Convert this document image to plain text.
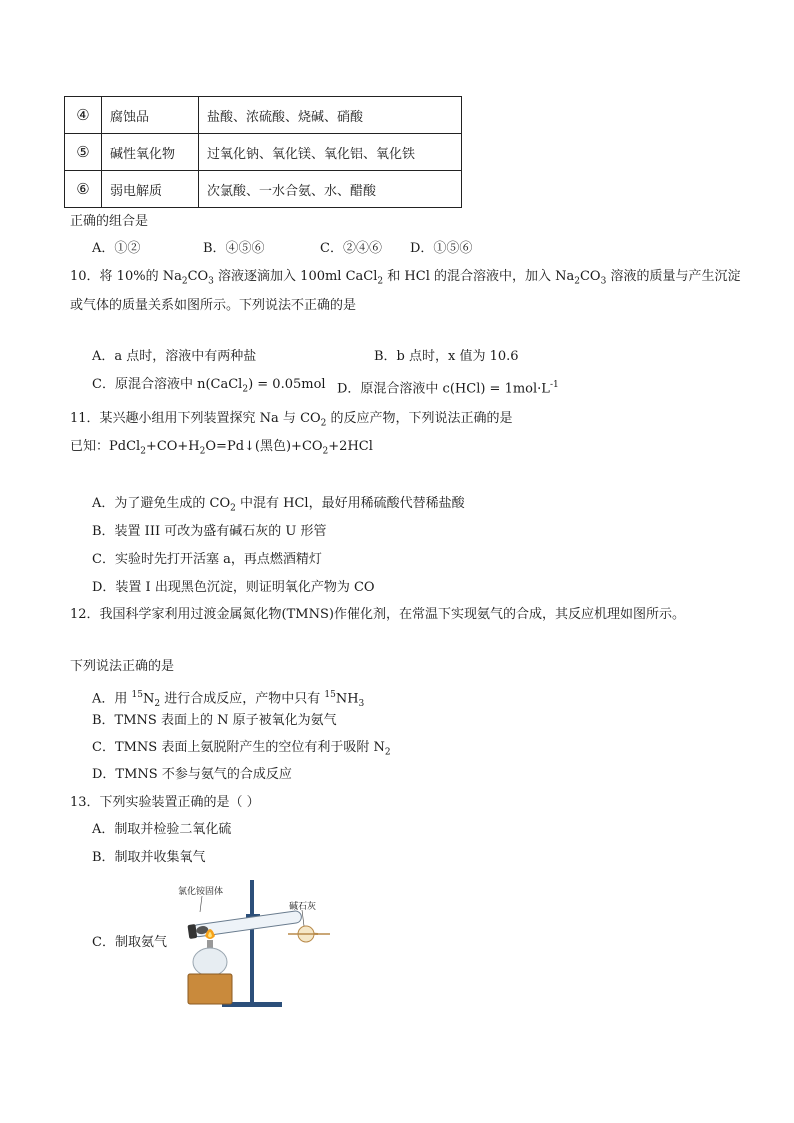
④	腐蚀品	盐酸、浓硫酸、烧碱、硝酸
⑤	碱性氧化物	过氧化钠、氧化镁、氧化铝、氧化铁
⑥	弱电解质	次氯酸、一水合氨、水、醋酸
正确的组合是
A．①②	B．④⑤⑥	C．②④⑥ D．①⑤⑥
10．将 10%的 $Na_2CO_3$ 溶液逐滴加入 100ml CaCl$_2$ 和 HCl 的混合溶液中，加入 $Na_2CO_3$ 溶液的质量与产生沉淀
或气体的质量关系如图所示。下列说法不正确的是
A．a 点时，溶液中有两种盐	B．b 点时，x 值为 10.6
C．原混合溶液中 n(CaCl$_2$) = 0.05mol D．原混合溶液中 $c(HCl) = 1mol\cdot L^{-1}$
11．某兴趣小组用下列装置探究 Na 与 $CO_2$ 的反应产物，下列说法正确的是
已知：$PdCl_2+CO+H_2O=Pd↓$(黑色)$+CO_2+2HCl$
A．为了避免生成的 $CO_2$ 中混有 HCl，最好用稀硫酸代替稀盐酸
B．装置 III 可改为盛有碱石灰的 U 形管
C．实验时先打开活塞 a，再点燃酒精灯
D．装置 I 出现黑色沉淀，则证明氧化产物为 CO
12．我国科学家利用过渡金属氮化物(TMNS)作催化剂，在常温下实现氨气的合成，其反应机理如图所示。
下列说法正确的是
A．用 $^{15}N_2$ 进行合成反应，产物中只有 $^{15}NH_3$
B．TMNS 表面上的 N 原子被氧化为氨气
C．TMNS 表面上氨脱附产生的空位有利于吸附 $N_2$
D．TMNS 不参与氨气的合成反应
13．下列实验装置正确的是（ ）
A．制取并检验二氧化硫
B．制取并收集氧气
C．制取氨气
氯化铵固体
碱石灰
